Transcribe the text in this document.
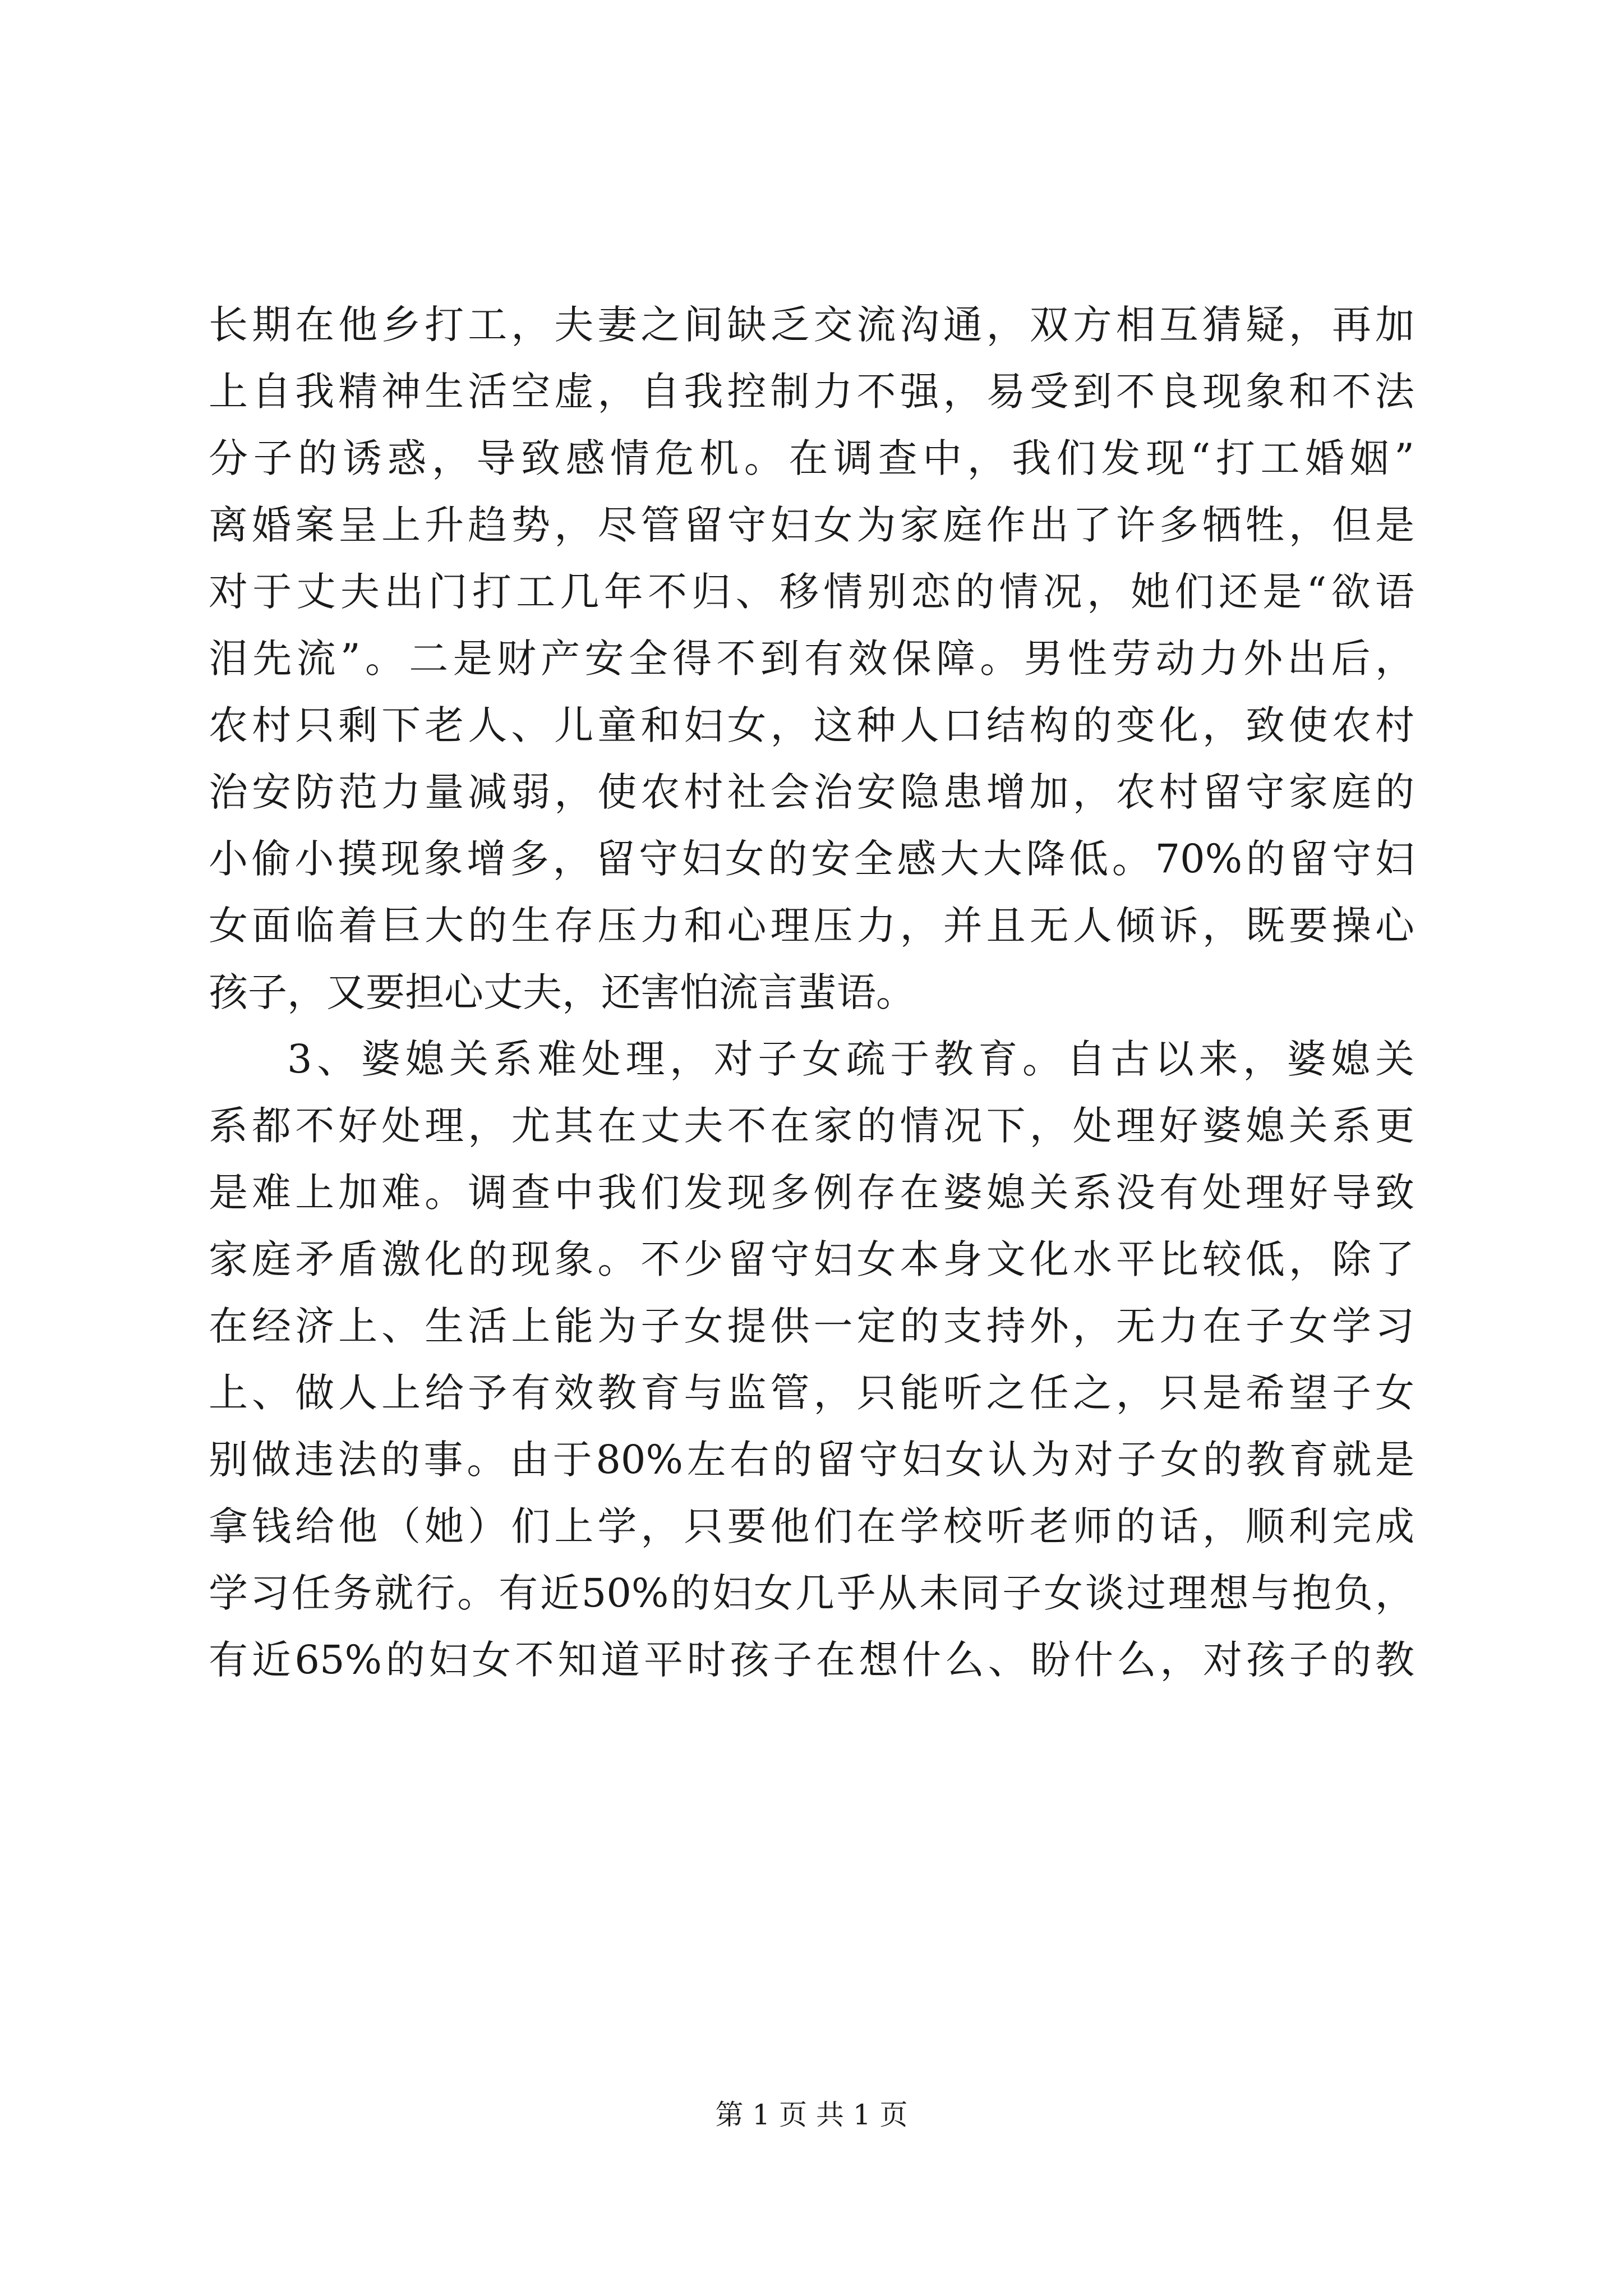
长期在他乡打工，夫妻之间缺乏交流沟通，双方相互猜疑，再加
上自我精神生活空虚，自我控制力不强，易受到不良现象和不法
分子的诱惑，导致感情危机。在调查中，我们发现“打工婚姻”
离婚案呈上升趋势，尽管留守妇女为家庭作出了许多牺牲，但是
对于丈夫出门打工几年不归、移情别恋的情况，她们还是“欲语
泪先流”。二是财产安全得不到有效保障。男性劳动力外出后，
农村只剩下老人、儿童和妇女，这种人口结构的变化，致使农村
治安防范力量减弱，使农村社会治安隐患增加，农村留守家庭的
小偷小摸现象增多，留守妇女的安全感大大降低。70%的留守妇
女面临着巨大的生存压力和心理压力，并且无人倾诉，既要操心
孩子，又要担心丈夫，还害怕流言蜚语。
3、婆媳关系难处理，对子女疏于教育。自古以来，婆媳关
系都不好处理，尤其在丈夫不在家的情况下，处理好婆媳关系更
是难上加难。调查中我们发现多例存在婆媳关系没有处理好导致
家庭矛盾激化的现象。不少留守妇女本身文化水平比较低，除了
在经济上、生活上能为子女提供一定的支持外，无力在子女学习
上、做人上给予有效教育与监管，只能听之任之，只是希望子女
别做违法的事。由于80%左右的留守妇女认为对子女的教育就是
拿钱给他（她）们上学，只要他们在学校听老师的话，顺利完成
学习任务就行。有近50%的妇女几乎从未同子女谈过理想与抱负，
有近65%的妇女不知道平时孩子在想什么、盼什么，对孩子的教
第 1 页 共 1 页
